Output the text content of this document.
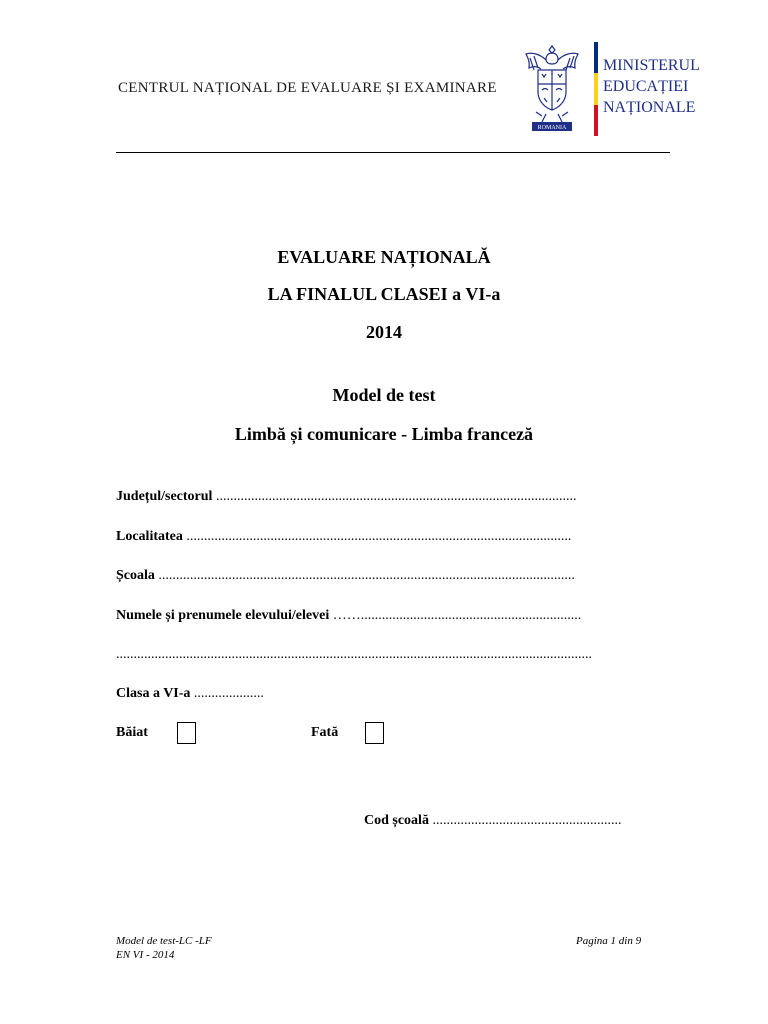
CENTRUL NAȚIONAL DE EVALUARE ȘI EXAMINARE
ROMANIA
MINISTERUL
EDUCAȚIEI
NAȚIONALE
EVALUARE NAȚIONALĂ
LA FINALUL CLASEI a VI-a
2014
Model de test
Limbă și comunicare - Limba franceză
Județul/sectorul .......................................................................................................
Localitatea ..............................................................................................................
Școala .......................................................................................................................
Numele și prenumele elevului/elevei ……...............................................................
........................................................................................................................................
Clasa a VI-a ....................
Băiat	Fată
Cod școală ......................................................
Model de test-LC -LF
EN VI - 2014
Pagina 1 din 9
